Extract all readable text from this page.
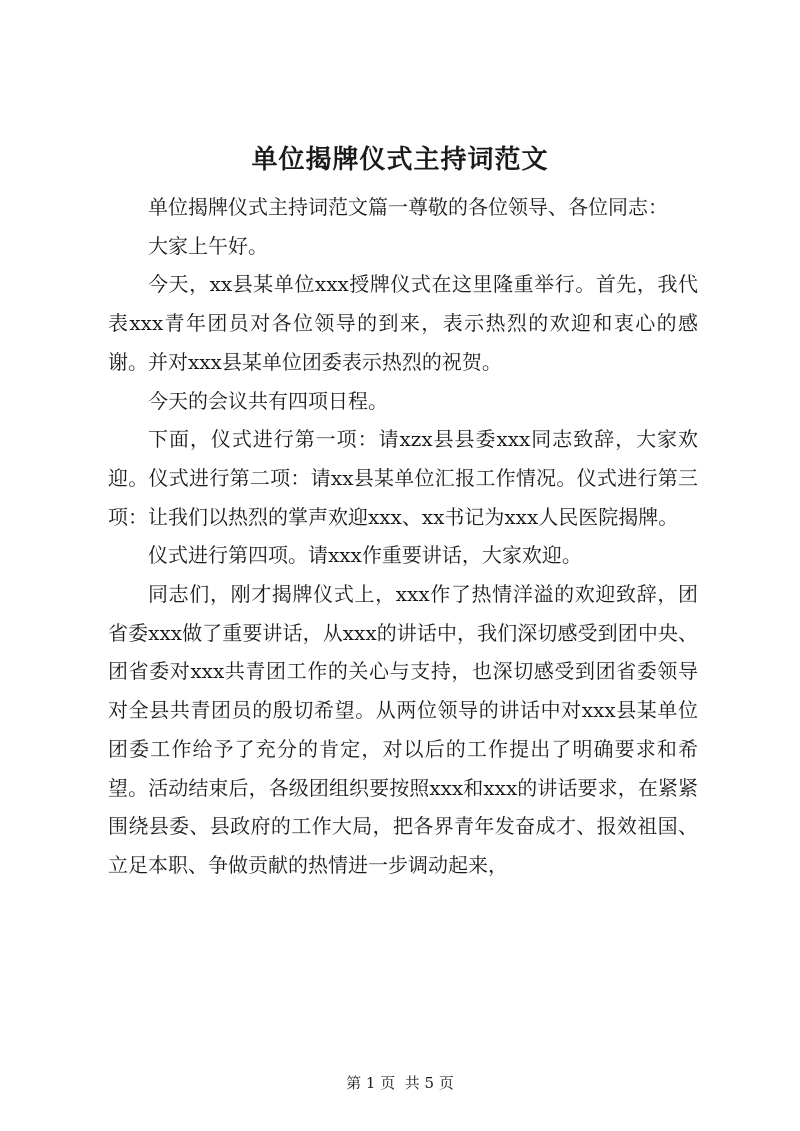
单位揭牌仪式主持词范文

单位揭牌仪式主持词范文篇一尊敬的各位领导、各位同志：

大家上午好。

今天，xx县某单位xxx授牌仪式在这里隆重举行。首先，我代表xxx青年团员对各位领导的到来，表示热烈的欢迎和衷心的感谢。并对xxx县某单位团委表示热烈的祝贺。

今天的会议共有四项日程。

下面，仪式进行第一项：请xzx县县委xxx同志致辞，大家欢迎。仪式进行第二项：请xx县某单位汇报工作情况。仪式进行第三项：让我们以热烈的掌声欢迎xxx、xx书记为xxx人民医院揭牌。

仪式进行第四项。请xxx作重要讲话，大家欢迎。

同志们，刚才揭牌仪式上，xxx作了热情洋溢的欢迎致辞，团省委xxx做了重要讲话，从xxx的讲话中，我们深切感受到团中央、团省委对xxx共青团工作的关心与支持，也深切感受到团省委领导对全县共青团员的殷切希望。从两位领导的讲话中对xxx县某单位团委工作给予了充分的肯定，对以后的工作提出了明确要求和希望。活动结束后，各级团组织要按照xxx和xxx的讲话要求，在紧紧围绕县委、县政府的工作大局，把各界青年发奋成才、报效祖国、立足本职、争做贡献的热情进一步调动起来，

第 1 页  共 5 页
